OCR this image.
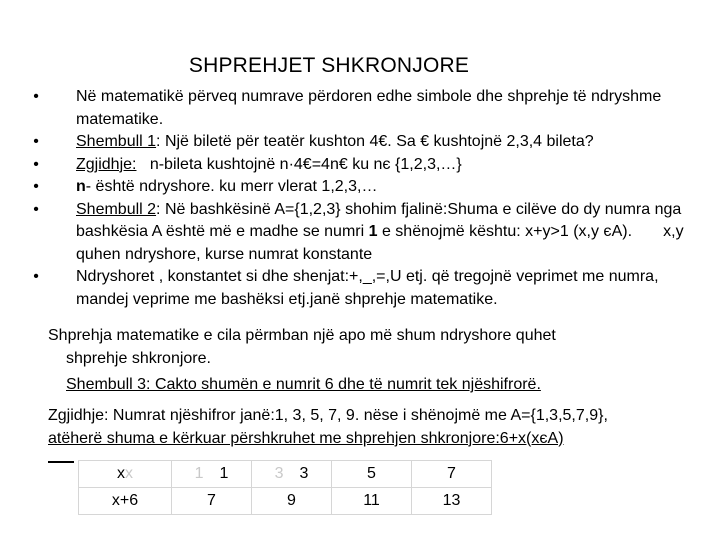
SHPREHJET SHKRONJORE
• Në matematikë përveq numrave përdoren edhe simbole dhe shprehje të ndryshme matematike.
• Shembull 1: Një biletë për teatër kushton 4€. Sa € kushtojnë 2,3,4 bileta?
• Zgjidhje:   n-bileta kushtojnë n·4€=4n€ ku nє {1,2,3,…}
• n- është ndryshore. ku merr vlerat 1,2,3,…
• Shembull 2: Në bashkësinë A={1,2,3} shohim fjalinë:Shuma e cilëve do dy numra nga bashkësia A është më e madhe se numri 1 e shënojmë kështu: x+y>1 (x,y єA).       x,y quhen ndryshore, kurse numrat konstante
• Ndryshoret , konstantet si dhe shenjat:+,_,=,U etj. që tregojnë veprimet me numra, mandej veprime me bashëksi etj.janë shprehje matematike.
Shprehja matematike e cila përmban një apo më shum ndryshore quhet
shprehje shkronjore.
Shembull 3: Cakto shumën e numrit 6 dhe të numrit tek njëshifrorë.
Zgjidhje: Numrat njëshifror janë:1, 3, 5, 7, 9. nëse i shënojmë me A={1,3,5,7,9},
atëherë shuma e kërkuar përshkruhet me shprehjen shkronjore:6+x(xєA)
xx	1 1	3 3	5	7
x+6	7	9	11	13
